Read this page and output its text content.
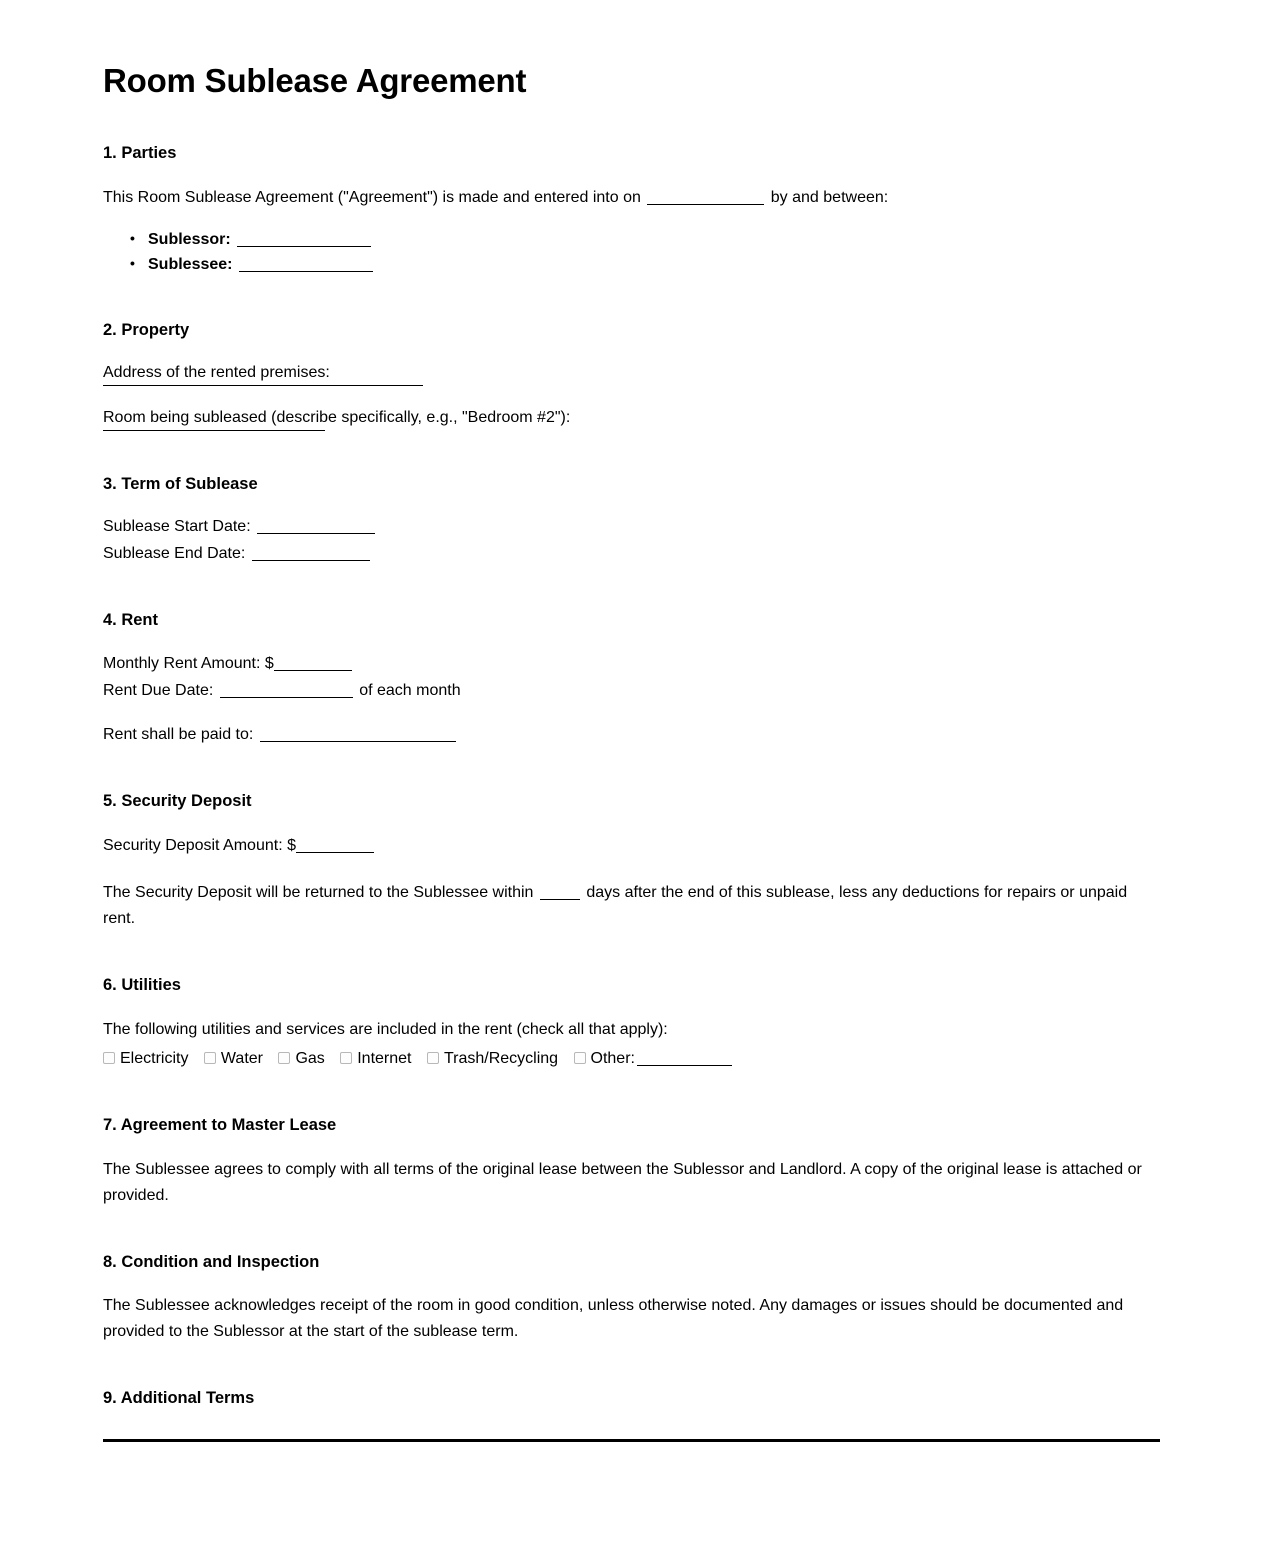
Room Sublease Agreement
1. Parties

This Room Sublease Agreement ("Agreement") is made and entered into on	by and between:

• Sublessor:
• Sublessee:
2. Property
Address of the rented premises:
Room being subleased (describe specifically, e.g., "Bedroom #2"):
3. Term of Sublease
Sublease Start Date:
Sublease End Date:
4. Rent
Monthly Rent Amount: $
Rent Due Date:	of each month

Rent shall be paid to:

5. Security Deposit

Security Deposit Amount: $

The Security Deposit will be returned to the Sublessee within	days after the end of this sublease, less any deductions for repairs or unpaid rent.

6. Utilities

The following utilities and services are included in the rent (check all that apply):

Electricity Water Gas Internet Trash/Recycling Other:
7. Agreement to Master Lease

The Sublessee agrees to comply with all terms of the original lease between the Sublessor and Landlord. A copy of the original lease is attached or provided.

8. Condition and Inspection

The Sublessee acknowledges receipt of the room in good condition, unless otherwise noted. Any damages or issues should be documented and provided to the Sublessor at the start of the sublease term.

9. Additional Terms
